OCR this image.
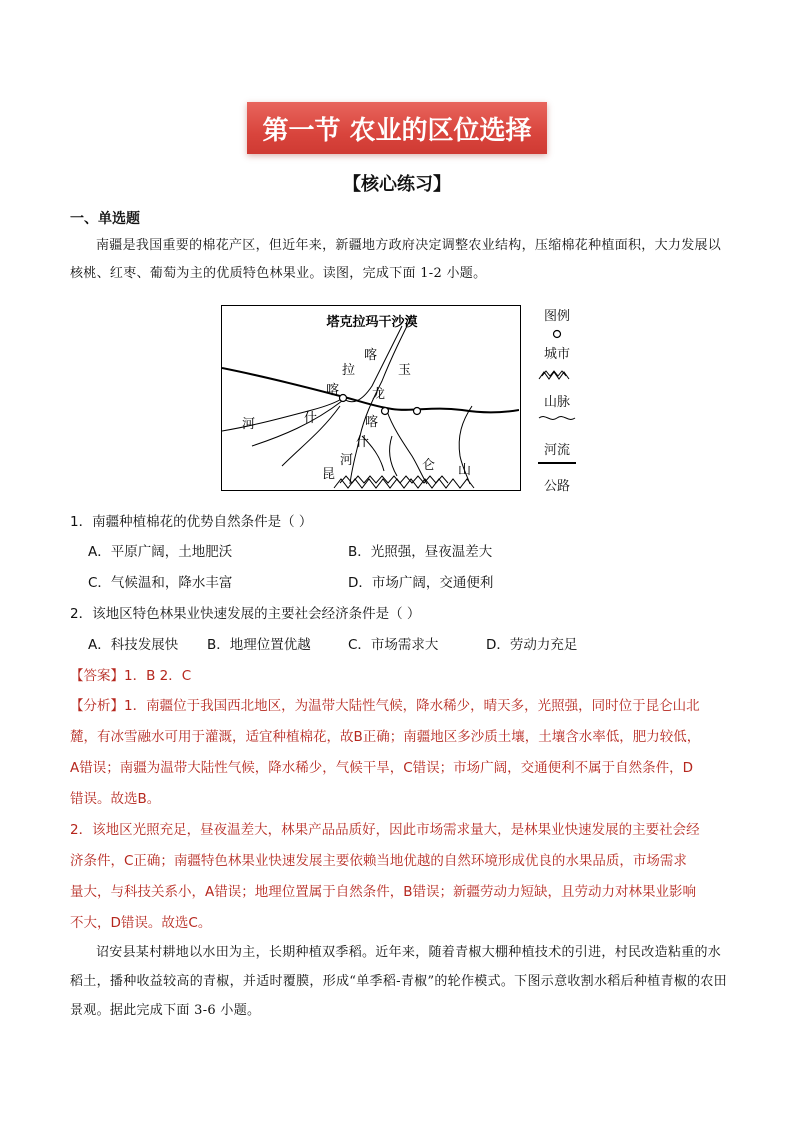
第一节 农业的区位选择
【核心练习】
一、单选题
南疆是我国重要的棉花产区，但近年来，新疆地方政府决定调整农业结构，压缩棉花种植面积，大力发展以核桃、红枣、葡萄为主的优质特色林果业。读图，完成下面 1-2 小题。
塔克拉玛干沙漠
喀
玉
拉
喀	龙
河	什	喀
什
河
昆
仑 山
图例
城市
山脉
河流
公路
1．南疆种植棉花的优势自然条件是（ ）
A．平原广阔，土地肥沃	B．光照强，昼夜温差大
C．气候温和，降水丰富	D．市场广阔，交通便利
2．该地区特色林果业快速发展的主要社会经济条件是（ ）
A．科技发展快 B．地理位置优越	C．市场需求大	D．劳动力充足
【答案】1．B 2．C
【分析】1．南疆位于我国西北地区，为温带大陆性气候，降水稀少，晴天多，光照强，同时位于昆仑山北
麓，有冰雪融水可用于灌溉，适宜种植棉花，故B正确；南疆地区多沙质土壤，土壤含水率低，肥力较低，
A错误；南疆为温带大陆性气候，降水稀少，气候干旱，C错误；市场广阔，交通便利不属于自然条件，D
错误。故选B。
2．该地区光照充足，昼夜温差大，林果产品品质好，因此市场需求量大，是林果业快速发展的主要社会经
济条件，C正确；南疆特色林果业快速发展主要依赖当地优越的自然环境形成优良的水果品质，市场需求
量大，与科技关系小，A错误；地理位置属于自然条件，B错误；新疆劳动力短缺，且劳动力对林果业影响
不大，D错误。故选C。
诏安县某村耕地以水田为主，长期种植双季稻。近年来，随着青椒大棚种植技术的引进，村民改造粘重的水稻土，播种收益较高的青椒，并适时覆膜，形成“单季稻-青椒”的轮作模式。下图示意收割水稻后种植青椒的农田景观。据此完成下面 3-6 小题。
